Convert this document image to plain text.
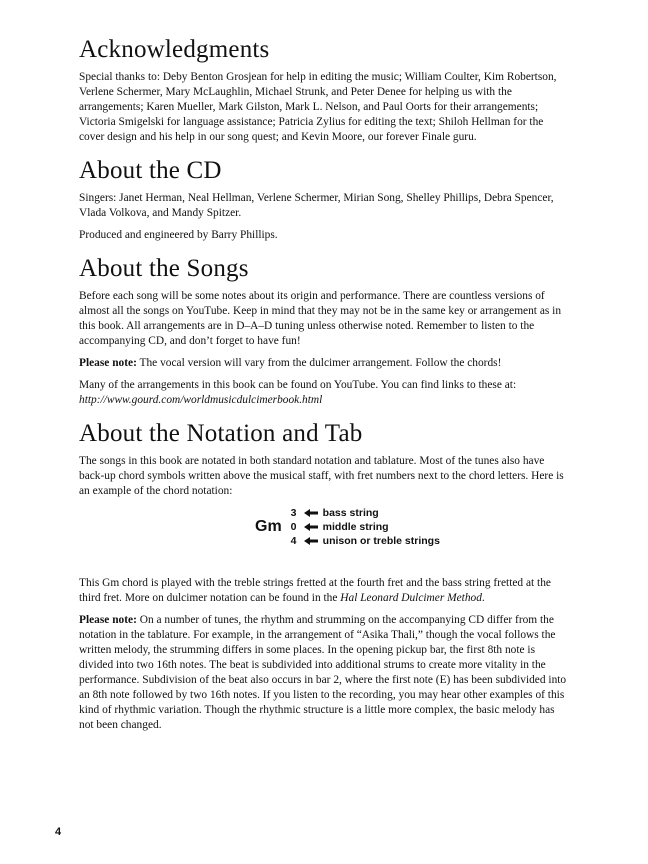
Acknowledgments

Special thanks to: Deby Benton Grosjean for help in editing the music; William Coulter, Kim Robertson, Verlene Schermer, Mary McLaughlin, Michael Strunk, and Peter Denee for helping us with the arrangements; Karen Mueller, Mark Gilston, Mark L. Nelson, and Paul Oorts for their arrangements; Victoria Smigelski for language assistance; Patricia Zylius for editing the text; Shiloh Hellman for the cover design and his help in our song quest; and Kevin Moore, our forever Finale guru.

About the CD

Singers: Janet Herman, Neal Hellman, Verlene Schermer, Mirian Song, Shelley Phillips, Debra Spencer, Vlada Volkova, and Mandy Spitzer.

Produced and engineered by Barry Phillips.

About the Songs

Before each song will be some notes about its origin and performance. There are countless versions of almost all the songs on YouTube. Keep in mind that they may not be in the same key or arrangement as in this book. All arrangements are in D–A–D tuning unless otherwise noted. Remember to listen to the accompanying CD, and don’t forget to have fun!

Please note: The vocal version will vary from the dulcimer arrangement. Follow the chords!

Many of the arrangements in this book can be found on YouTube. You can find links to these at:
http://www.gourd.com/worldmusicdulcimerbook.html

About the Notation and Tab

The songs in this book are notated in both standard notation and tablature. Most of the tunes also have back-up chord symbols written above the musical staff, with fret numbers next to the chord letters. Here is an example of the chord notation:

Gm
3	bass string
0	middle string
4	unison or treble strings

This Gm chord is played with the treble strings fretted at the fourth fret and the bass string fretted at the third fret. More on dulcimer notation can be found in the Hal Leonard Dulcimer Method.

Please note: On a number of tunes, the rhythm and strumming on the accompanying CD differ from the notation in the tablature. For example, in the arrangement of “Asika Thali,” though the vocal follows the written melody, the strumming differs in some places. In the opening pickup bar, the first 8th note is divided into two 16th notes. The beat is subdivided into additional strums to create more vitality in the performance. Subdivision of the beat also occurs in bar 2, where the first note (E) has been subdivided into an 8th note followed by two 16th notes. If you listen to the recording, you may hear other examples of this kind of rhythmic variation. Though the rhythmic structure is a little more complex, the basic melody has not been changed.

4
